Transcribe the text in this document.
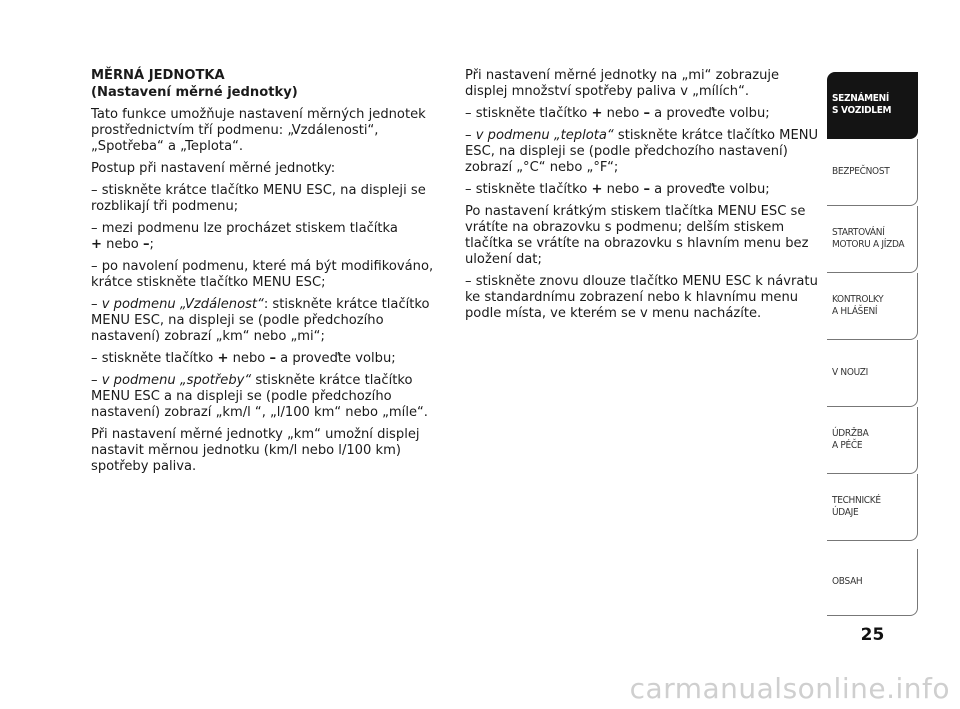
MĚRNÁ JEDNOTKA
(Nastavení měrné jednotky)

Tato funkce umožňuje nastavení měrných jednotek prostřednictvím tří podmenu: „Vzdálenosti“, „Spotřeba“ a „Teplota“.

Postup při nastavení měrné jednotky:

– stiskněte krátce tlačítko MENU ESC, na displeji se rozblikají tři podmenu;

– mezi podmenu lze procházet stiskem tlačítka
+ nebo –;

– po navolení podmenu, které má být modifikováno, krátce stiskněte tlačítko MENU ESC;

– v podmenu „Vzdálenost“: stiskněte krátce tlačítko MENU ESC, na displeji se (podle předchozího nastavení) zobrazí „km“ nebo „mi“;

– stiskněte tlačítko + nebo – a proveďte volbu;

– v podmenu „spotřeby“ stiskněte krátce tlačítko MENU ESC a na displeji se (podle předchozího nastavení) zobrazí „km/l “, „l/100 km“ nebo „míle“.

Při nastavení měrné jednotky „km“ umožní displej nastavit měrnou jednotku (km/l nebo l/100 km) spotřeby paliva.

Při nastavení měrné jednotky na „mi“ zobrazuje displej množství spotřeby paliva v „mílích“.

– stiskněte tlačítko + nebo – a proveďte volbu;

– v podmenu „teplota“ stiskněte krátce tlačítko MENU ESC, na displeji se (podle předchozího nastavení) zobrazí „°C“ nebo „°F“;

– stiskněte tlačítko + nebo – a proveďte volbu;

Po nastavení krátkým stiskem tlačítka MENU ESC se vrátíte na obrazovku s podmenu; delším stiskem tlačítka se vrátíte na obrazovku s hlavním menu bez uložení dat;

– stiskněte znovu dlouze tlačítko MENU ESC k návratu ke standardnímu zobrazení nebo k hlavnímu menu podle místa, ve kterém se v menu nacházíte.

SEZNÁMENÍ
S VOZIDLEM
BEZPEČNOST
STARTOVÁNÍ
MOTORU A JÍZDA
KONTROLKY
A HLÁŠENÍ
V NOUZI
ÚDRŽBA
A PÉČE
TECHNICKÉ
ÚDAJE
OBSAH
25
carmanualsonline.info
